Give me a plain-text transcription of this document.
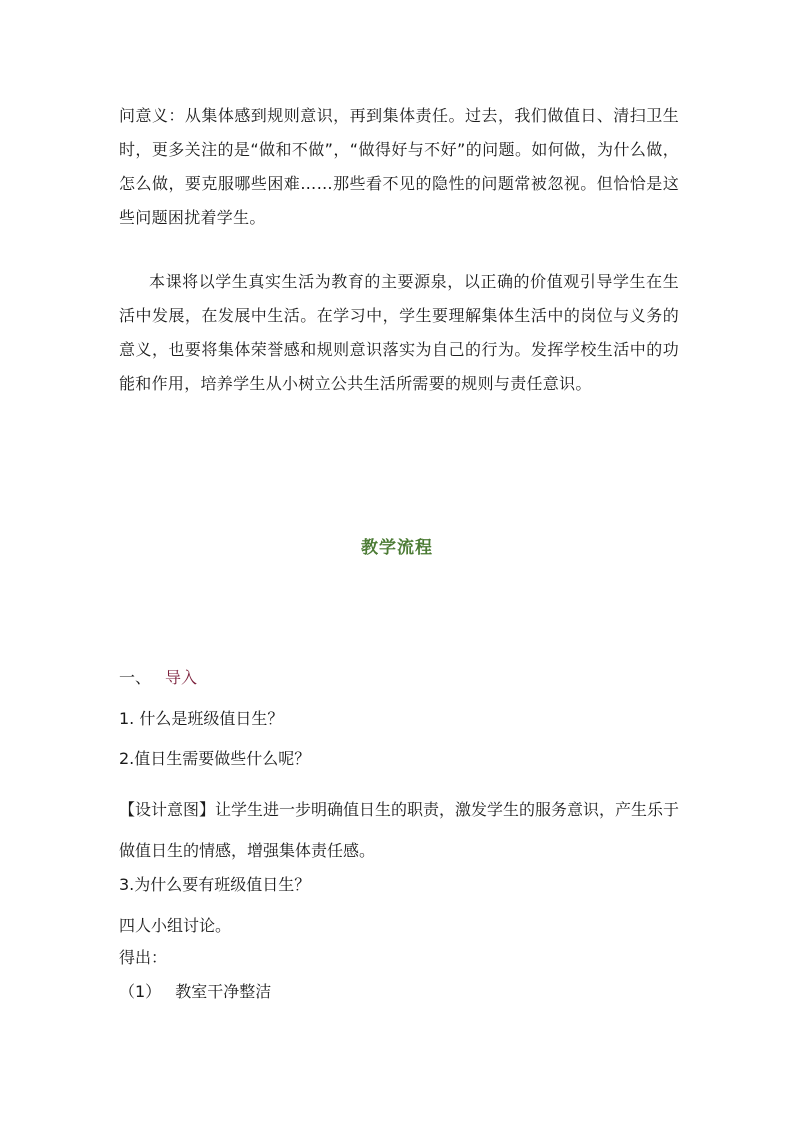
问意义：从集体感到规则意识，再到集体责任。过去，我们做值日、清扫卫生时，更多关注的是“做和不做”，“做得好与不好”的问题。如何做，为什么做，怎么做，要克服哪些困难……那些看不见的隐性的问题常被忽视。但恰恰是这些问题困扰着学生。

本课将以学生真实生活为教育的主要源泉，以正确的价值观引导学生在生活中发展，在发展中生活。在学习中，学生要理解集体生活中的岗位与义务的意义，也要将集体荣誉感和规则意识落实为自己的行为。发挥学校生活中的功能和作用，培养学生从小树立公共生活所需要的规则与责任意识。

教学流程

一、 导入

1. 什么是班级值日生？

2.值日生需要做些什么呢？

【设计意图】让学生进一步明确值日生的职责，激发学生的服务意识，产生乐于做值日生的情感，增强集体责任感。

3.为什么要有班级值日生？

四人小组讨论。

得出：

（1） 教室干净整洁
